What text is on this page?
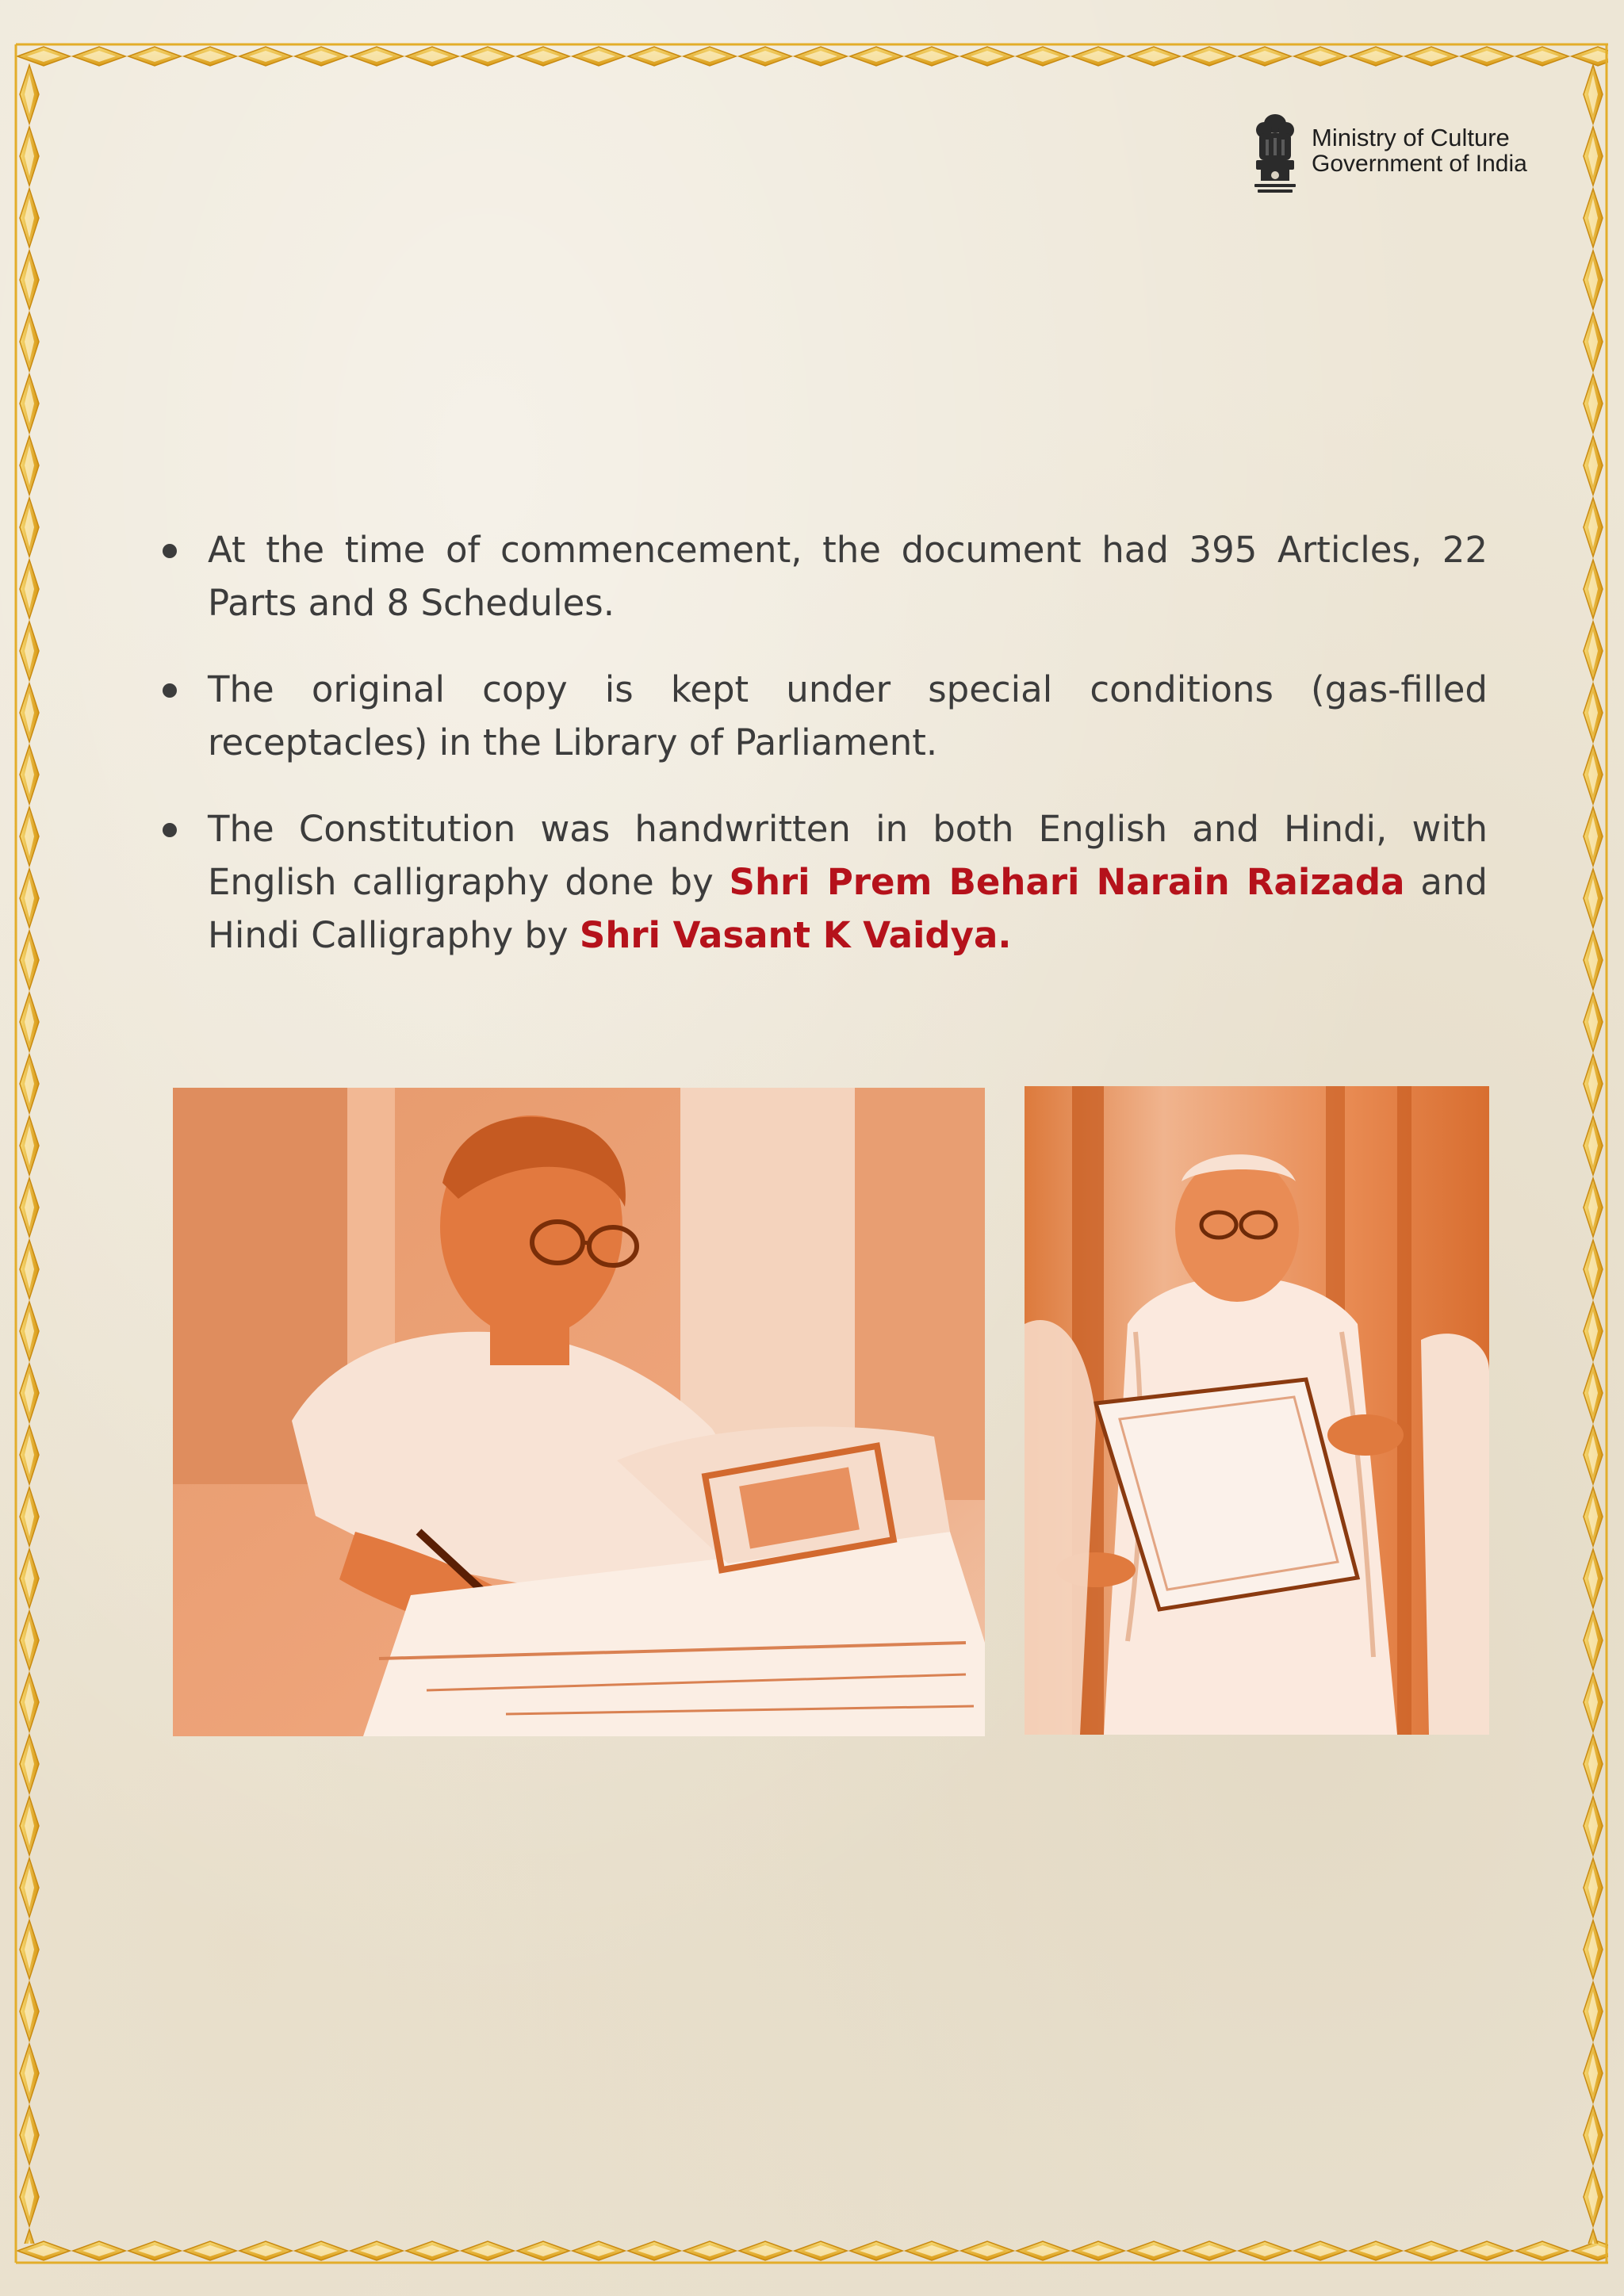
Ministry of Culture
Government of India
At the time of commencement, the document had 395 Articles, 22 Parts and 8 Schedules.
The original copy is kept under special conditions (gas-filled receptacles) in the Library of Parliament.
The Constitution was handwritten in both English and Hindi, with English calligraphy done by Shri Prem Behari Narain Raizada and Hindi Calligraphy by Shri Vasant K Vaidya.
